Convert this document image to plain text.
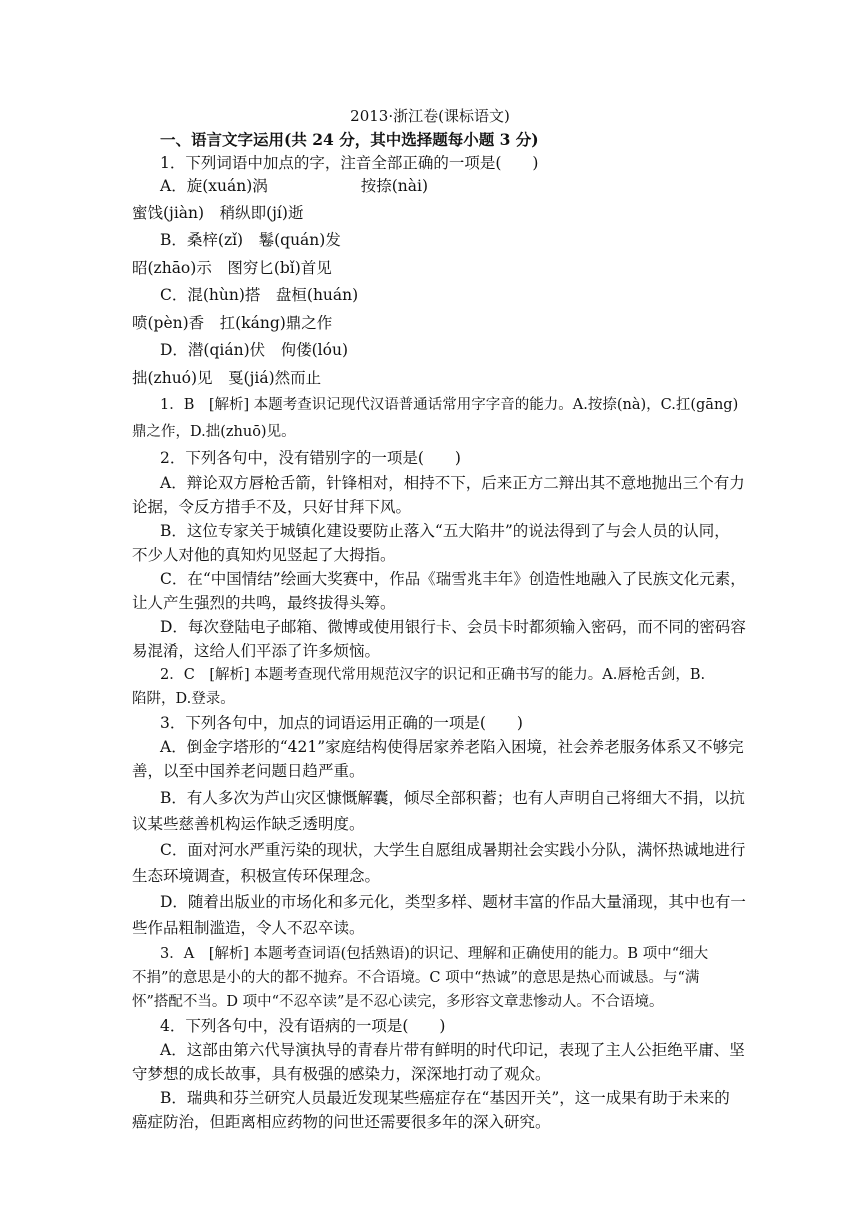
2013·浙江卷(课标语文)
一、语言文字运用(共 24 分，其中选择题每小题 3 分)
1．下列词语中加点的字，注音全部正确的一项是(　　)
A．旋(xuán)涡　　　　　　按捺(nài)
蜜饯(jiàn)　稍纵即(jí)逝
B．桑梓(zǐ)　鬈(quán)发
昭(zhāo)示　图穷匕(bǐ)首见
C．混(hùn)搭　盘桓(huán)
喷(pèn)香　扛(káng)鼎之作
D．潜(qián)伏　佝偻(lóu)
拙(zhuó)见　戛(jiá)然而止
1．B　[解析] 本题考查识记现代汉语普通话常用字字音的能力。A.按捺(nà)，C.扛(gāng)
鼎之作，D.拙(zhuō)见。
2．下列各句中，没有错别字的一项是(　　)
A．辩论双方唇枪舌箭，针锋相对，相持不下，后来正方二辩出其不意地抛出三个有力
论据，令反方措手不及，只好甘拜下风。
B．这位专家关于城镇化建设要防止落入“五大陷井”的说法得到了与会人员的认同，
不少人对他的真知灼见竖起了大拇指。
C．在“中国情结”绘画大奖赛中，作品《瑞雪兆丰年》创造性地融入了民族文化元素，
让人产生强烈的共鸣，最终拔得头筹。
D．每次登陆电子邮箱、微博或使用银行卡、会员卡时都须输入密码，而不同的密码容
易混淆，这给人们平添了许多烦恼。
2．C　[解析] 本题考查现代常用规范汉字的识记和正确书写的能力。A.唇枪舌剑，B.
陷阱，D.登录。
3．下列各句中，加点的词语运用正确的一项是(　　)
A．倒金字塔形的“421”家庭结构使得居家养老陷入困境，社会养老服务体系又不够完
善，以至中国养老问题日趋严重。
B．有人多次为芦山灾区慷慨解囊，倾尽全部积蓄；也有人声明自己将细大不捐，以抗
议某些慈善机构运作缺乏透明度。
C．面对河水严重污染的现状，大学生自愿组成暑期社会实践小分队，满怀热诚地进行
生态环境调查，积极宣传环保理念。
D．随着出版业的市场化和多元化，类型多样、题材丰富的作品大量涌现，其中也有一
些作品粗制滥造，令人不忍卒读。
3．A　[解析] 本题考查词语(包括熟语)的识记、理解和正确使用的能力。B 项中“细大
不捐”的意思是小的大的都不抛弃。不合语境。C 项中“热诚”的意思是热心而诚恳。与“满
怀”搭配不当。D 项中“不忍卒读”是不忍心读完，多形容文章悲惨动人。不合语境。
4．下列各句中，没有语病的一项是(　　)
A．这部由第六代导演执导的青春片带有鲜明的时代印记，表现了主人公拒绝平庸、坚
守梦想的成长故事，具有极强的感染力，深深地打动了观众。
B．瑞典和芬兰研究人员最近发现某些癌症存在“基因开关”，这一成果有助于未来的
癌症防治，但距离相应药物的问世还需要很多年的深入研究。
